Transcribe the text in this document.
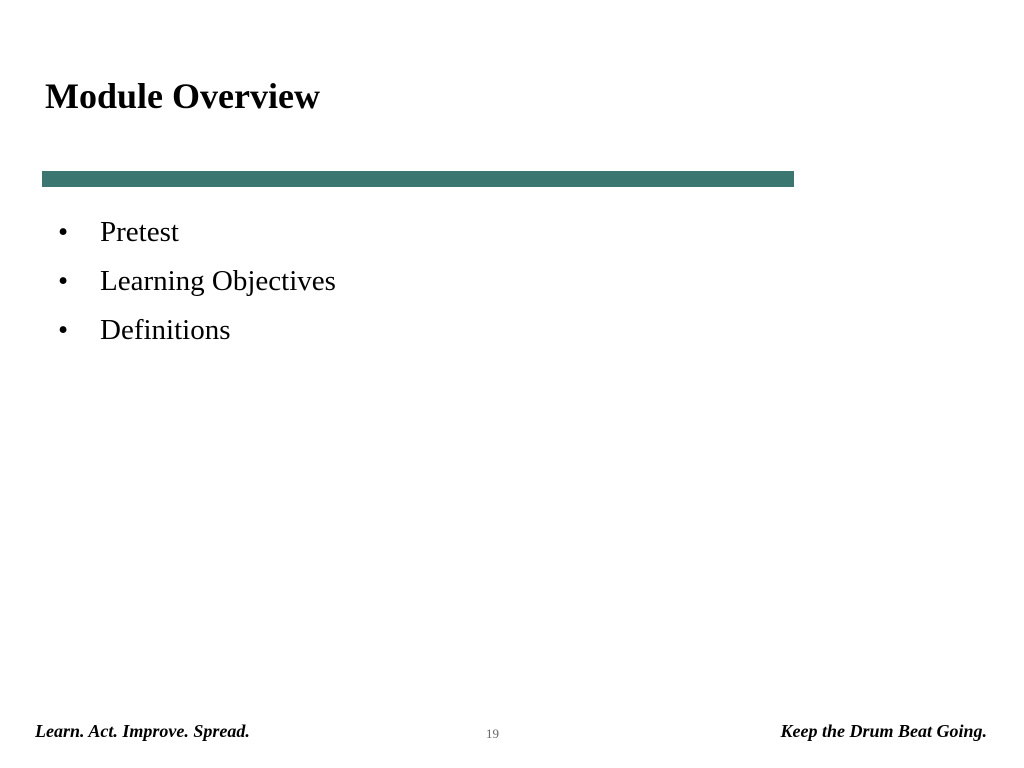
Module Overview
•	Pretest
•	Learning Objectives
•	Definitions
Learn. Act. Improve. Spread.	19	Keep the Drum Beat Going.
